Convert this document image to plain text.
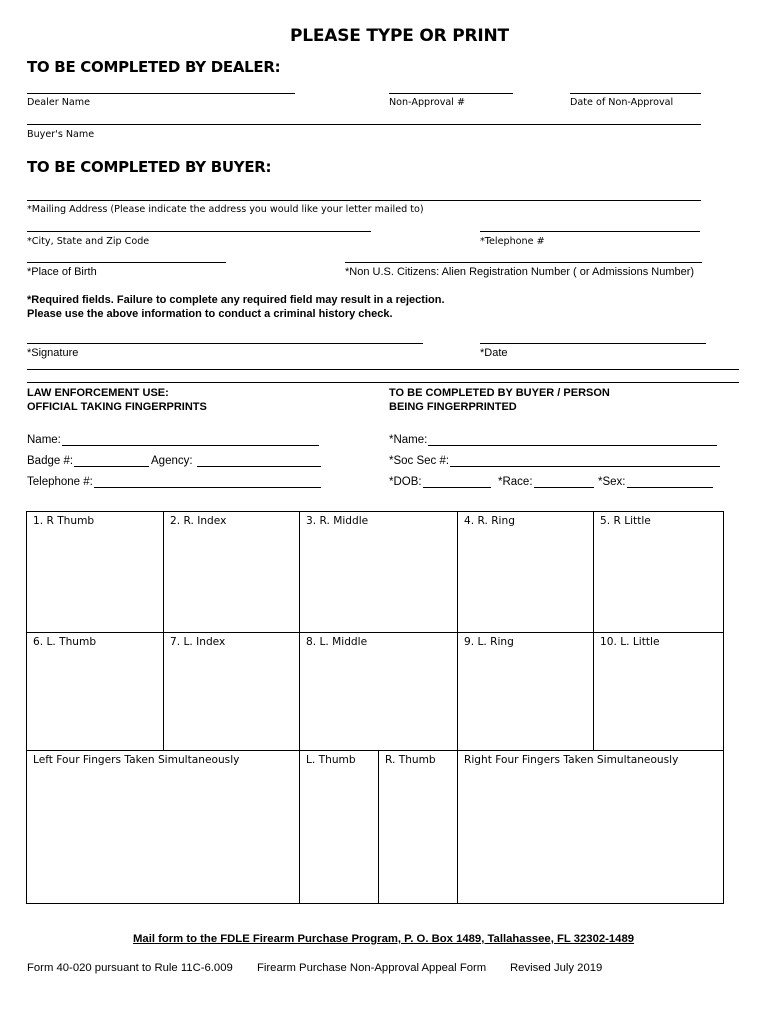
PLEASE TYPE OR PRINT
TO BE COMPLETED BY DEALER:
Dealer Name	Non-Approval #	Date of Non-Approval
Buyer's Name
TO BE COMPLETED BY BUYER:
*Mailing Address (Please indicate the address you would like your letter mailed to)
*City, State and Zip Code	*Telephone #
*Place of Birth	*Non U.S. Citizens: Alien Registration Number ( or Admissions Number)
*Required fields. Failure to complete any required field may result in a rejection.
Please use the above information to conduct a criminal history check.
*Signature	*Date
LAW ENFORCEMENT USE:
OFFICIAL TAKING FINGERPRINTS
Name:
Badge #:	Agency:
Telephone #:
TO BE COMPLETED BY BUYER / PERSON
BEING FINGERPRINTED
*Name:
*Soc Sec #:
*DOB:	*Race:	*Sex:
1. R Thumb	2. R. Index	3. R. Middle	4. R. Ring	5. R Little
6. L. Thumb	7. L. Index	8. L. Middle	9. L. Ring	10. L. Little
Left Four Fingers Taken Simultaneously	L. Thumb	R. Thumb	Right Four Fingers Taken Simultaneously
Mail form to the FDLE Firearm Purchase Program, P. O. Box 1489, Tallahassee, FL 32302-1489
Form 40-020 pursuant to Rule 11C-6.009 Firearm Purchase Non-Approval Appeal Form Revised July 2019
